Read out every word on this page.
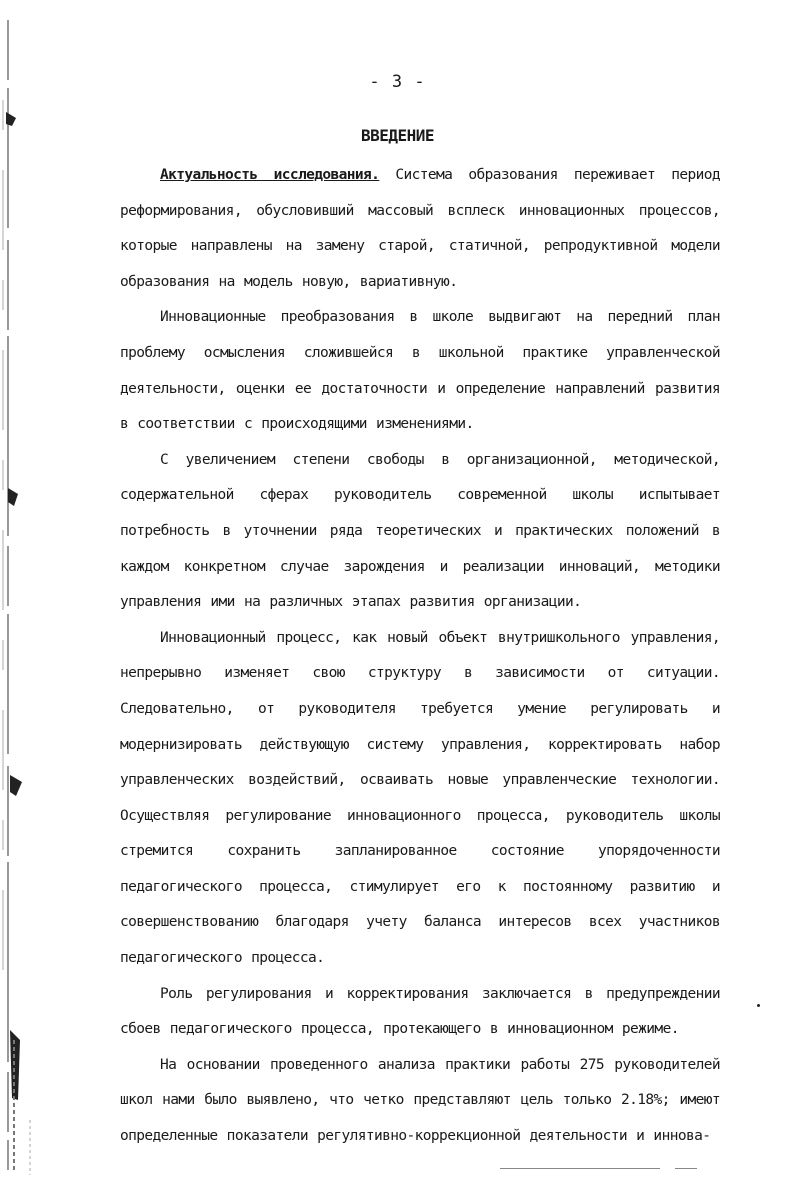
- 3 -
ВВЕДЕНИЕ

Актуальность исследования. Система образования переживает период реформирования, обусловивший массовый всплеск инновационных процессов, которые направлены на замену старой, статичной, репродуктивной модели образования на модель новую, вариативную.

Инновационные преобразования в школе выдвигают на передний план проблему осмысления сложившейся в школьной практике управленческой деятельности, оценки ее достаточности и определение направлений развития в соответствии с происходящими изменениями.

С увеличением степени свободы в организационной, методической, содержательной сферах руководитель современной школы испытывает потребность в уточнении ряда теоретических и практических положений в каждом конкретном случае зарождения и реализации инноваций, методики управления ими на различных этапах развития организации.

Инновационный процесс, как новый объект внутришкольного управления, непрерывно изменяет свою структуру в зависимости от ситуации. Следовательно, от руководителя требуется умение регулировать и модернизировать действующую систему управления, корректировать набор управленческих воздействий, осваивать новые управленческие технологии. Осуществляя регулирование инновационного процесса, руководитель школы стремится сохранить запланированное состояние упорядоченности педагогического процесса, стимулирует его к постоянному развитию и совершенствованию благодаря учету баланса интересов всех участников педагогического процесса.

Роль регулирования и корректирования заключается в предупреждении сбоев педагогического процесса, протекающего в инновационном режиме.

На основании проведенного анализа практики работы 275 руководителей школ нами было выявлено, что четко представляют цель только 2.18%; имеют определенные показатели регулятивно-коррекционной деятельности и иннова-
